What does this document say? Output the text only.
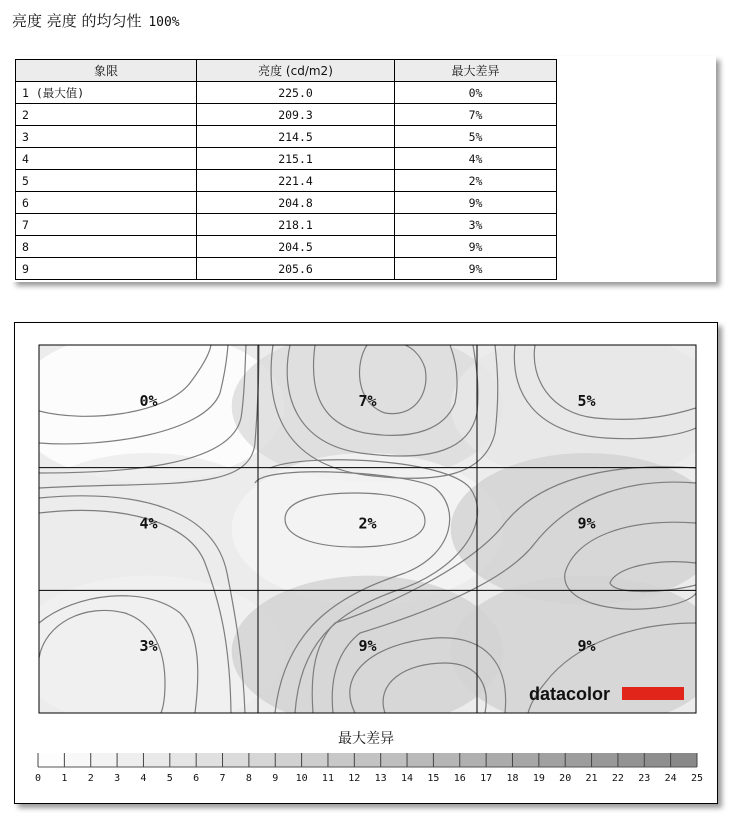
亮度 亮度 的均匀性 100%
象限	亮度 (cd/m2)	最大差异
1 (最大值)	225.0	0%
2	209.3	7%
3	214.5	5%
4	215.1	4%
5	221.4	2%
6	204.8	9%
7	218.1	3%
8	204.5	9%
9	205.6	9%
0%	7%	5%
4%	2%	9%
3%	9%	9%
datacolor
0 1 2 3 4 5 6 7 8 9 10 11 12 13 14 15 16 17 18 19 20 21 22 23 24 25
最大差异
